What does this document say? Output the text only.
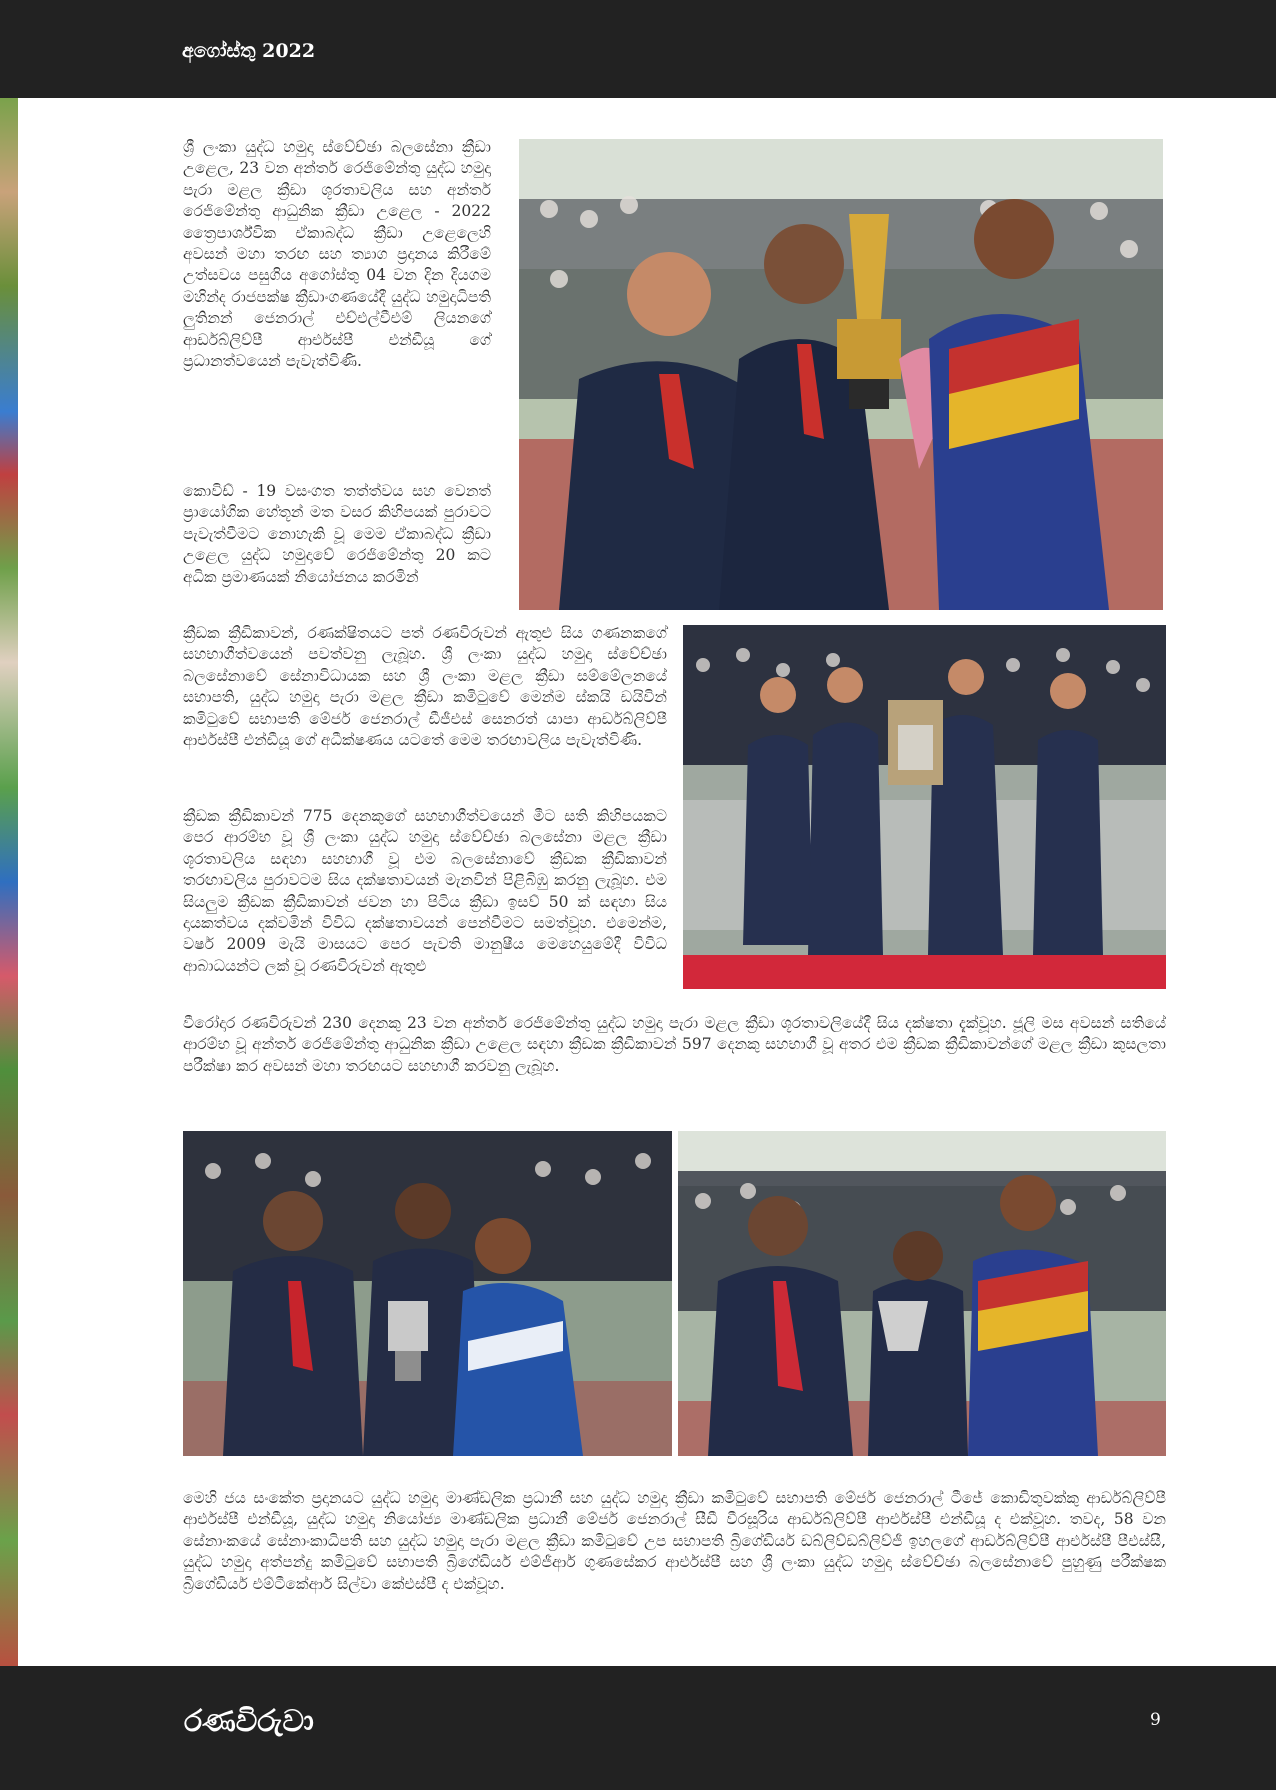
අගෝස්තු 2022

ශ්‍රී ලංකා යුද්ධ හමුදා ස්වේච්ඡා බලසේනා ක්‍රීඩා උළෙල, 23 වන අන්තර් රෙජිමේන්තු යුද්ධ හමුදා පැරා මළල ක්‍රීඩා ශූරතාවලිය සහ අන්තර් රෙජිමේන්තු ආධුනික ක්‍රීඩා උළෙල - 2022 ත්‍රෛපාර්ශ්වික ඒකාබද්ධ ක්‍රීඩා උළෙලෙහි අවසන් මහා තරඟ සහ ත්‍යාග ප්‍රදානය කිරීමේ උත්සවය පසුගිය අගෝස්තු 04 වන දින දියගම මහින්ද රාජපක්ෂ ක්‍රීඩාංගණයේදී යුද්ධ හමුදාධිපති ලුතිනන් ජෙනරාල් එච්එල්වීඑම් ලියනගේ ආර්ඩබ්ලිව්පී ආර්එස්පී එන්ඩීයූ ගේ ප්‍රධානත්වයෙන් පැවැත්විණි.

කොවිඩ් - 19 වසංගත තත්ත්වය සහ වෙනත් ප්‍රායෝගික හේතූන් මත වසර කිහිපයක් පුරාවට පැවැත්වීමට නොහැකි වූ මෙම ඒකාබද්ධ ක්‍රීඩා උළෙල යුද්ධ හමුදාවේ රෙජිමේන්තු 20 කට අධික ප්‍රමාණයක් නියෝජනය කරමින්

ක්‍රීඩක ක්‍රීඩිකාවන්, රණක්ෂිතයට පත් රණවිරුවන් ඇතුළු සිය ගණනකගේ සහභාගීත්වයෙන් පවත්වනු ලැබූහ. ශ්‍රී ලංකා යුද්ධ හමුදා ස්වේච්ඡා බලසේනාවේ සේනාවිධායක සහ ශ්‍රී ලංකා මළල ක්‍රීඩා සම්මේලනයේ සභාපති, යුද්ධ හමුදා පැරා මළල ක්‍රීඩා කමිටුවේ මෙන්ම ස්කයි ඩයිවින් කමිටුවේ සභාපති මේජර් ජෙනරාල් ඩීජීඑස් සෙනරත් යාපා ආර්ඩබ්ලිව්පී ආර්එස්පී එන්ඩීයූ ගේ අධීක්ෂණය යටතේ මෙම තරඟාවලිය පැවැත්විණි.

ක්‍රීඩක ක්‍රීඩිකාවන් 775 දෙනකුගේ සහභාගීත්වයෙන් මීට සති කිහිපයකට පෙර ආරම්භ වූ ශ්‍රී ලංකා යුද්ධ හමුදා ස්වේච්ඡා බලසේනා මළල ක්‍රීඩා ශූරතාවලිය සඳහා සහභාගී වූ එම බලසේනාවේ ක්‍රීඩක ක්‍රීඩිකාවන් තරඟාවලිය පුරාවටම සිය දක්ෂතාවයන් මැනවින් පිළිබිඹු කරනු ලැබූහ. එම සියලුම ක්‍රීඩක ක්‍රීඩිකාවන් ජවන හා පිටිය ක්‍රීඩා ඉසව් 50 ක් සඳහා සිය දායකත්වය දක්වමින් විවිධ දක්ෂතාවයන් පෙන්වීමට සමත්වූහ. එමෙන්ම, වර්ෂ 2009 මැයි මාසයට පෙර පැවති මානුෂීය මෙහෙයුමේදී විවිධ ආබාධයන්ට ලක් වූ රණවිරුවන් ඇතුළු

වීරෝදාර රණවිරුවන් 230 දෙනකු 23 වන අන්තර් රෙජිමේන්තු යුද්ධ හමුදා පැරා මළල ක්‍රීඩා ශූරතාවලියේදී සිය දක්ෂතා දැක්වූහ. ජූලි මස අවසන් සතියේ ආරම්භ වූ අන්තර් රෙජිමේන්තු ආධුනික ක්‍රීඩා උළෙල සඳහා ක්‍රීඩක ක්‍රීඩිකාවන් 597 දෙනකු සහභාගී වූ අතර එම ක්‍රීඩක ක්‍රීඩිකාවන්ගේ මළල ක්‍රීඩා කුසලතා පරීක්ෂා කර අවසන් මහා තරඟයට සහභාගී කරවනු ලැබූහ.

මෙහි ජය සංකේත ප්‍රදානයට යුද්ධ හමුදා මාණ්ඩලික ප්‍රධානී සහ යුද්ධ හමුදා ක්‍රීඩා කමිටුවේ සභාපති මේජර් ජෙනරාල් ටීජේ කොඩිතුවක්කු ආර්ඩබ්ලිව්පී ආර්එස්පී එන්ඩීයූ, යුද්ධ හමුදා නියෝජ්‍ය මාණ්ඩලික ප්‍රධානී මේජර් ජෙනරාල් සීඩී වීරසූරිය ආර්ඩබ්ලිව්පී ආර්එස්පී එන්ඩීයූ ද එක්වූහ. තවද, 58 වන සේනාංකයේ සේනාංකාධිපති සහ යුද්ධ හමුදා පැරා මළල ක්‍රීඩා කමිටුවේ උප සභාපති බ්‍රිගේඩියර් ඩබ්ලිව්ඩබ්ලිව්ජී ඉහලගේ ආර්ඩබ්ලිව්පී ආර්එස්පී පීඑස්සී, යුද්ධ හමුදා අත්පන්දු කමිටුවේ සභාපති බ්‍රිගේඩියර් එම්ජීආර් ගුණසේකර ආර්එස්පී සහ ශ්‍රී ලංකා යුද්ධ හමුදා ස්වේච්ඡා බලසේනාවේ පුහුණු පරීක්ෂක බ්‍රිගේඩියර් එම්ටීකේආර් සිල්වා කේඑස්පී ද එක්වූහ.

රණවිරුවා	9
